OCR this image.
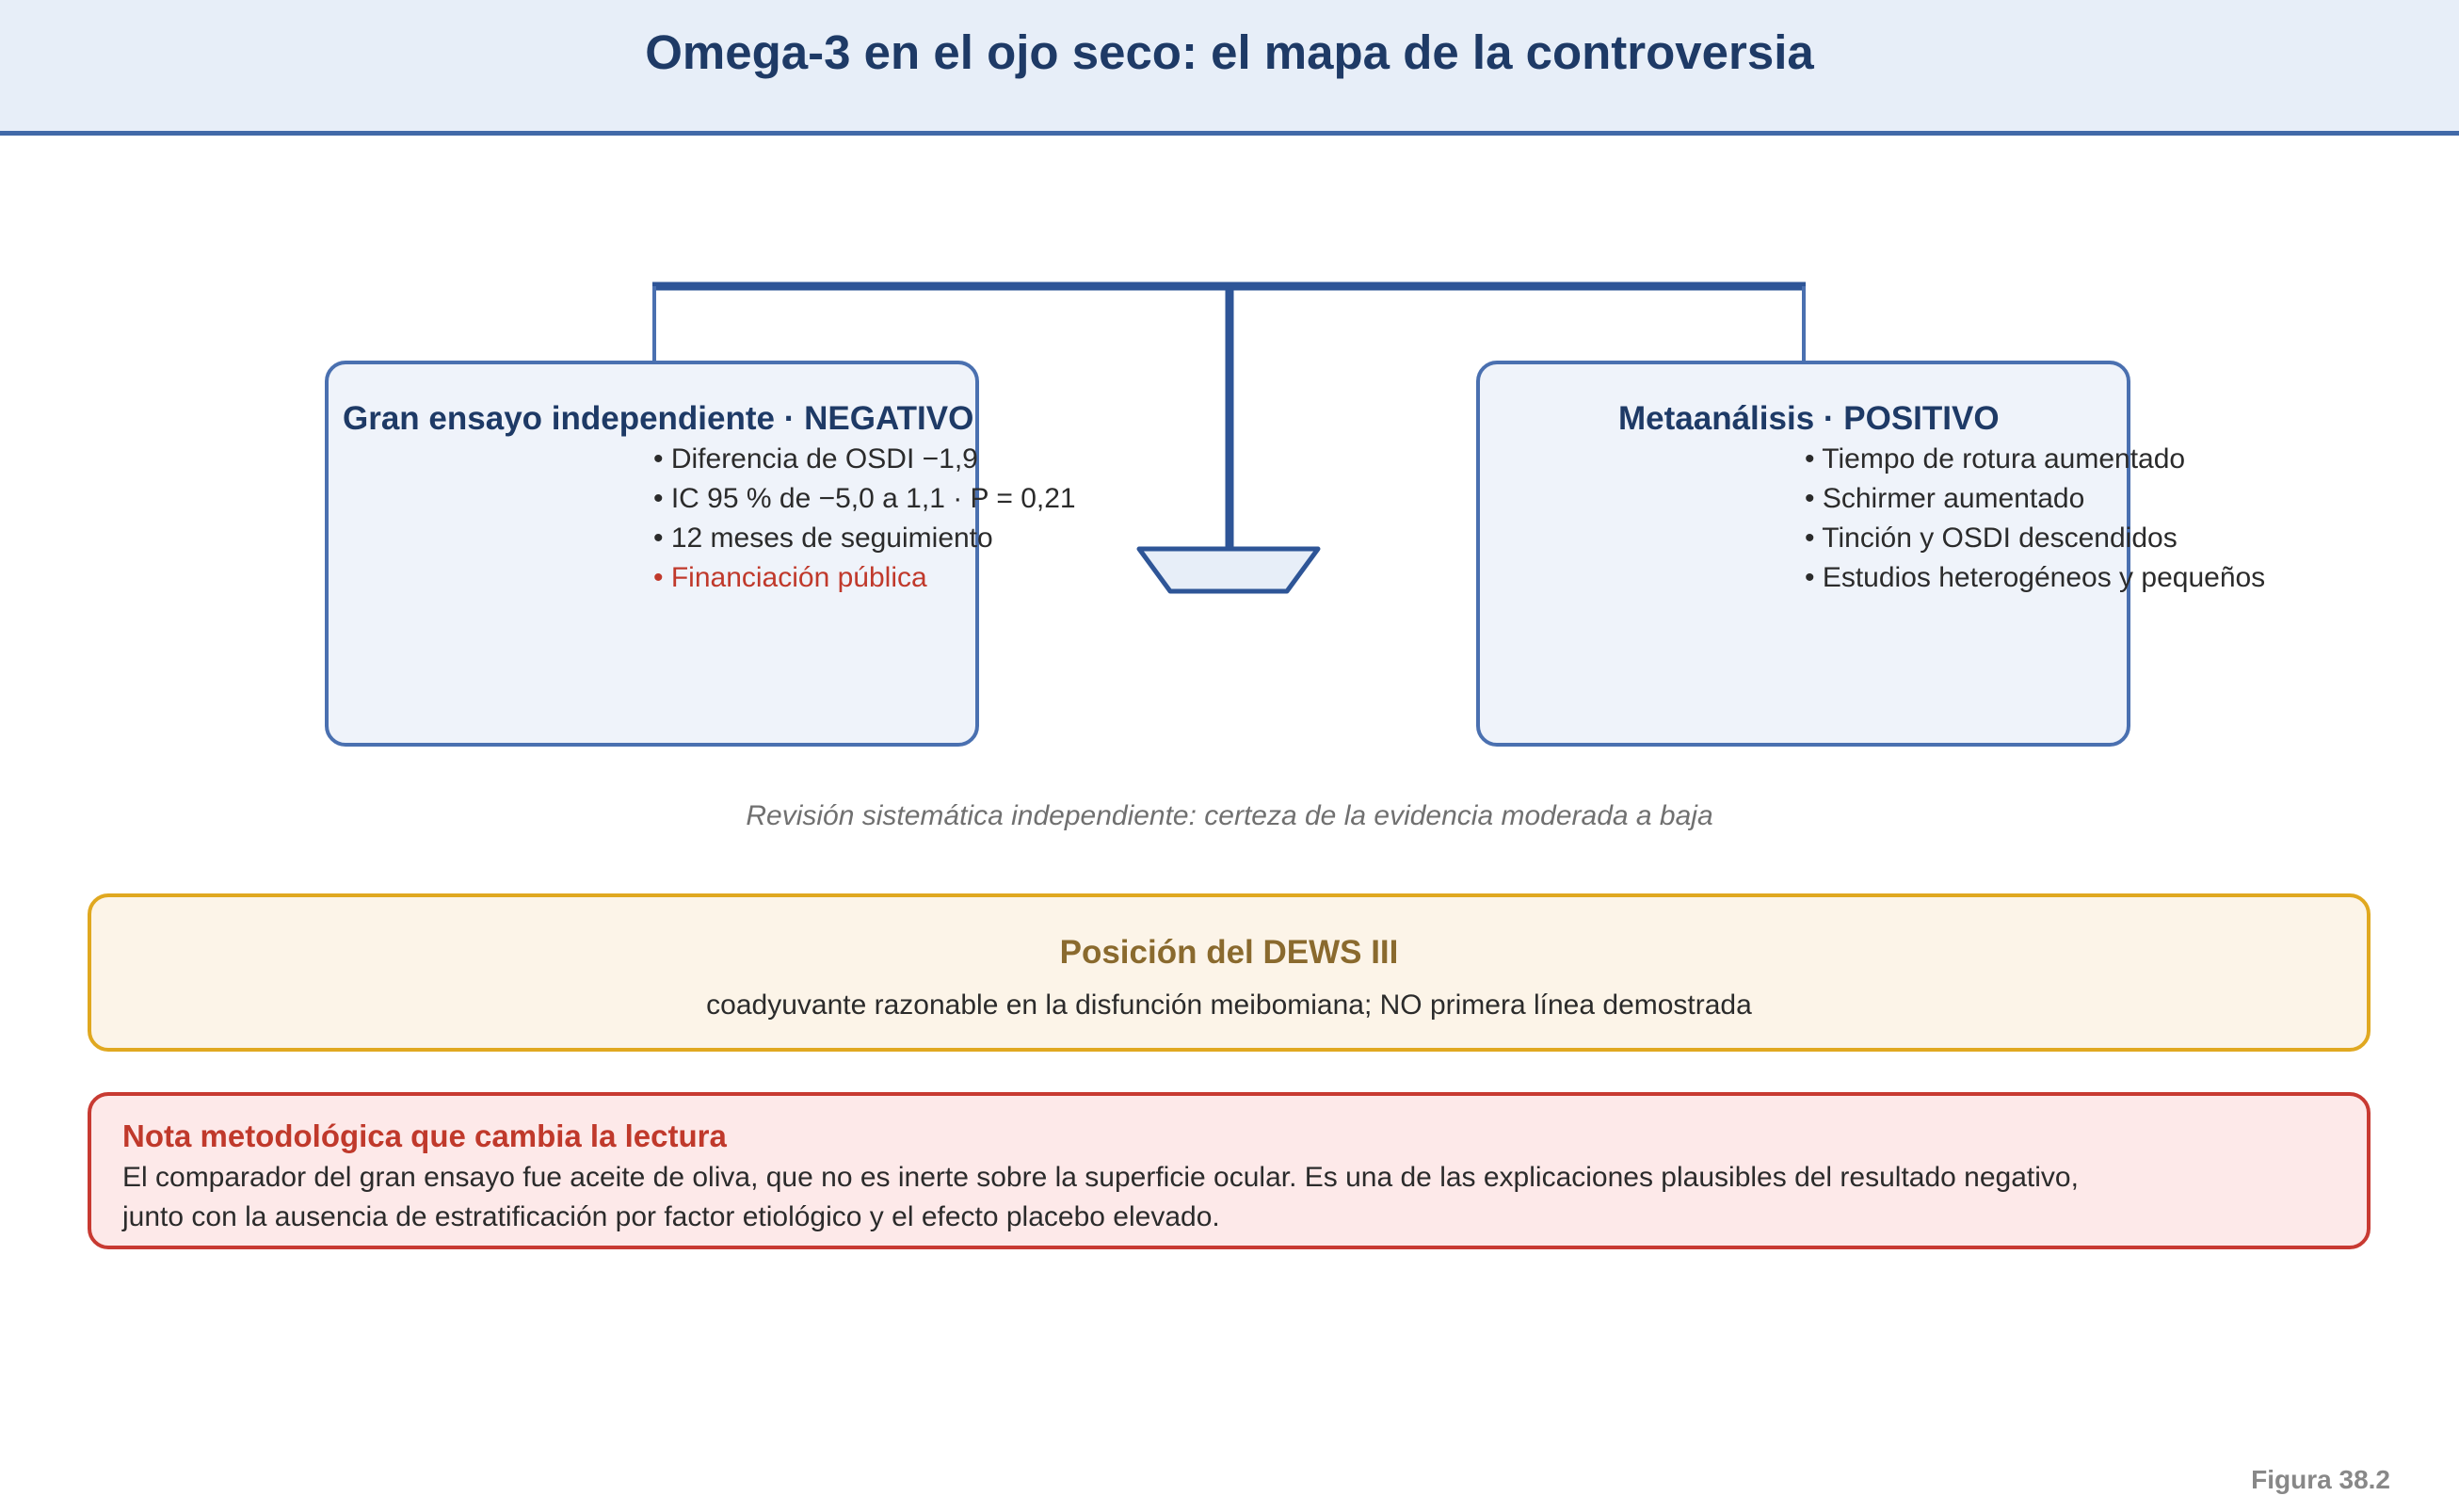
Omega-3 en el ojo seco: el mapa de la controversia
Gran ensayo independiente · NEGATIVO
• Diferencia de OSDI −1,9
• IC 95 % de −5,0 a 1,1 · P = 0,21
• 12 meses de seguimiento
• Financiación pública
Metaanálisis · POSITIVO
• Tiempo de rotura aumentado
• Schirmer aumentado
• Tinción y OSDI descendidos
• Estudios heterogéneos y pequeños
Revisión sistemática independiente: certeza de la evidencia moderada a baja
Posición del DEWS III
coadyuvante razonable en la disfunción meibomiana; NO primera línea demostrada
Nota metodológica que cambia la lectura
El comparador del gran ensayo fue aceite de oliva, que no es inerte sobre la superficie ocular. Es una de las explicaciones plausibles del resultado negativo, junto con la ausencia de estratificación por factor etiológico y el efecto placebo elevado.
Figura 38.2
